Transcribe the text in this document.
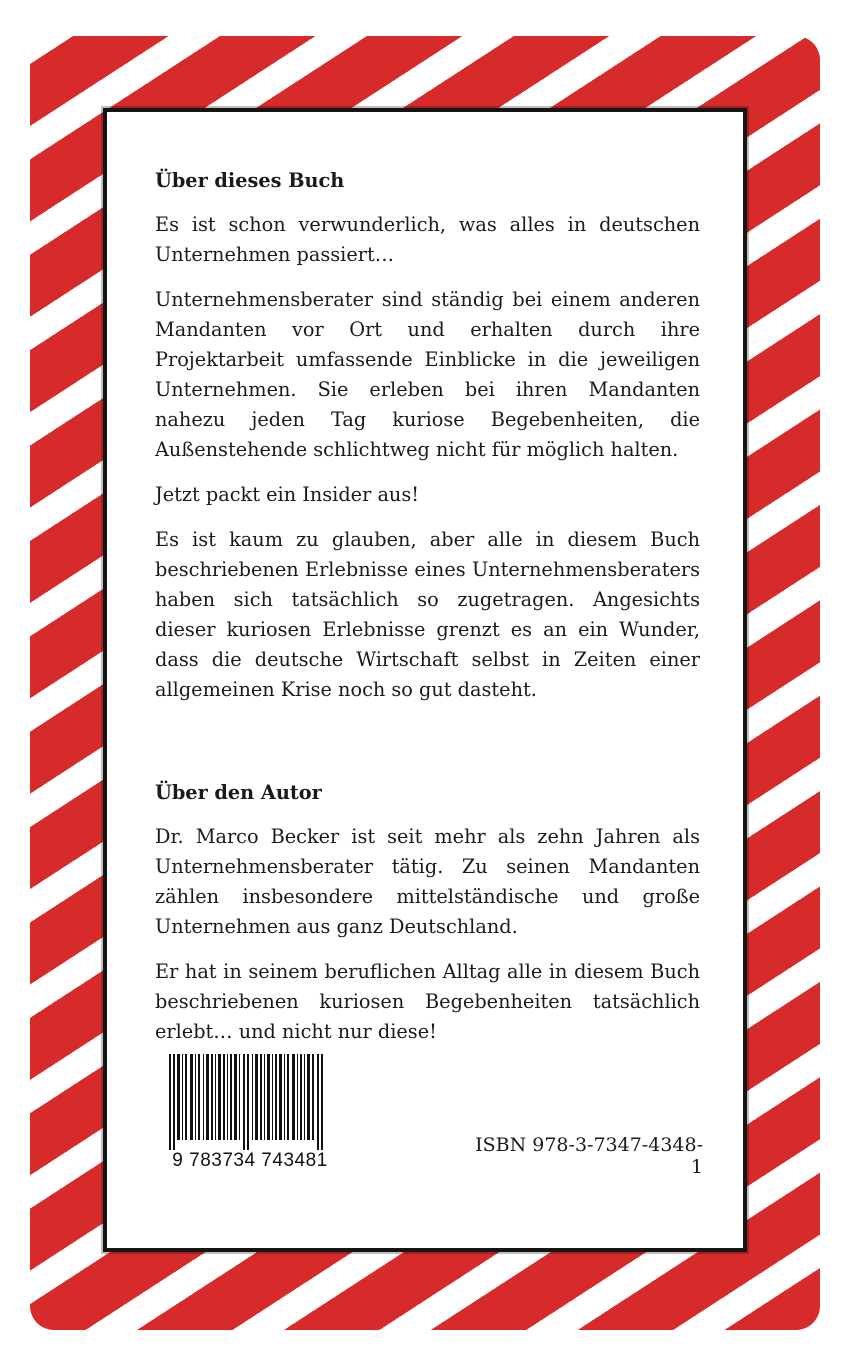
Über dieses Buch

Es ist schon verwunderlich, was alles in deutschen Unternehmen passiert…

Unternehmensberater sind ständig bei einem anderen Mandanten vor Ort und erhalten durch ihre Projektarbeit umfassende Einblicke in die jeweiligen Unternehmen. Sie erleben bei ihren Mandanten nahezu jeden Tag kuriose Begebenheiten, die Außenstehende schlichtweg nicht für möglich halten.

Jetzt packt ein Insider aus!

Es ist kaum zu glauben, aber alle in diesem Buch beschriebenen Erlebnisse eines Unternehmensberaters haben sich tatsächlich so zugetragen. Angesichts dieser kuriosen Erlebnisse grenzt es an ein Wunder, dass die deutsche Wirtschaft selbst in Zeiten einer allgemeinen Krise noch so gut dasteht.

Über den Autor

Dr. Marco Becker ist seit mehr als zehn Jahren als Unternehmensberater tätig. Zu seinen Mandanten zählen insbesondere mittelständische und große Unternehmen aus ganz Deutschland.

Er hat in seinem beruflichen Alltag alle in diesem Buch beschriebenen kuriosen Begebenheiten tatsächlich erlebt… und nicht nur diese!

9 783734 743481
ISBN 978-3-7347-4348-1
